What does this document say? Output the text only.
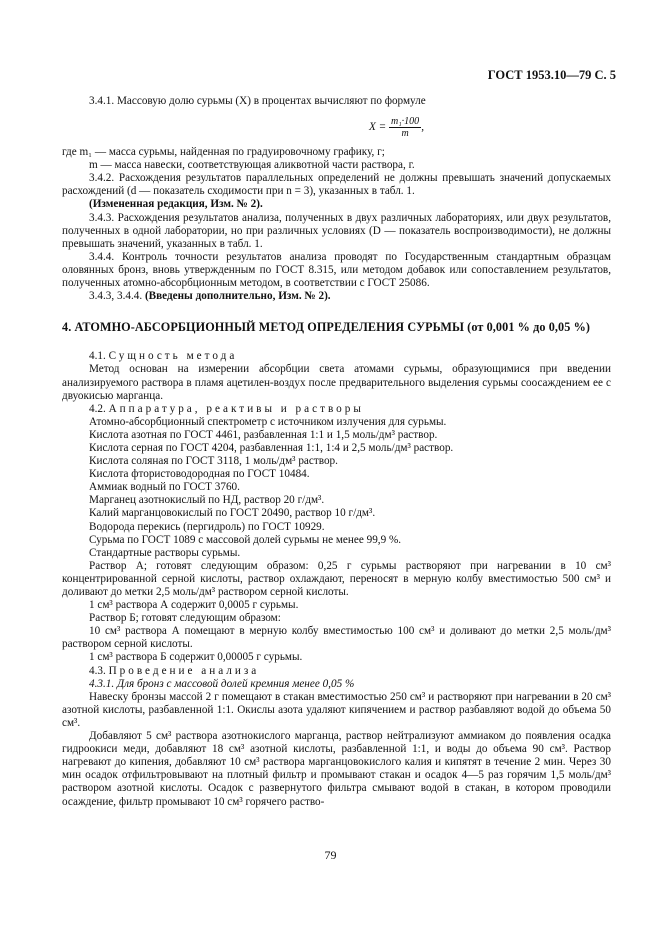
ГОСТ 1953.10—79 С. 5

3.4.1. Массовую долю сурьмы (X) в процентах вычисляют по формуле

$X = \frac{\text{m₁·100}}{m}$ ,

где m₁ — масса сурьмы, найденная по градуировочному графику, г;

m — масса навески, соответствующая аликвотной части раствора, г.

3.4.2. Расхождения результатов параллельных определений не должны превышать значений допускаемых расхождений (d — показатель сходимости при n = 3), указанных в табл. 1.

(Измененная редакция, Изм. № 2).

3.4.3. Расхождения результатов анализа, полученных в двух различных лабораториях, или двух результатов, полученных в одной лаборатории, но при различных условиях (D — показатель воспроизводимости), не должны превышать значений, указанных в табл. 1.

3.4.4. Контроль точности результатов анализа проводят по Государственным стандартным образцам оловянных бронз, вновь утвержденным по ГОСТ 8.315, или методом добавок или сопоставлением результатов, полученных атомно-абсорбционным методом, в соответствии с ГОСТ 25086.

3.4.3, 3.4.4. (Введены дополнительно, Изм. № 2).

4. АТОМНО-АБСОРБЦИОННЫЙ МЕТОД ОПРЕДЕЛЕНИЯ СУРЬМЫ (от 0,001 % до 0,05 %)

4.1. Сущность метода

Метод основан на измерении абсорбции света атомами сурьмы, образующимися при введении анализируемого раствора в пламя ацетилен-воздух после предварительного выделения сурьмы соосаждением ее с двуокисью марганца.

4.2. Аппаратура, реактивы и растворы

Атомно-абсорбционный спектрометр с источником излучения для сурьмы.

Кислота азотная по ГОСТ 4461, разбавленная 1:1 и 1,5 моль/дм³ раствор.

Кислота серная по ГОСТ 4204, разбавленная 1:1, 1:4 и 2,5 моль/дм³ раствор.

Кислота соляная по ГОСТ 3118, 1 моль/дм³ раствор.

Кислота фтористоводородная по ГОСТ 10484.

Аммиак водный по ГОСТ 3760.

Марганец азотнокислый по НД, раствор 20 г/дм³.

Калий марганцовокислый по ГОСТ 20490, раствор 10 г/дм³.

Водорода перекись (пергидроль) по ГОСТ 10929.

Сурьма по ГОСТ 1089 с массовой долей сурьмы не менее 99,9 %.

Стандартные растворы сурьмы.

Раствор А; готовят следующим образом: 0,25 г сурьмы растворяют при нагревании в 10 см³ концентрированной серной кислоты, раствор охлаждают, переносят в мерную колбу вместимостью 500 см³ и доливают до метки 2,5 моль/дм³ раствором серной кислоты.

1 см³ раствора А содержит 0,0005 г сурьмы.

Раствор Б; готовят следующим образом:

10 см³ раствора А помещают в мерную колбу вместимостью 100 см³ и доливают до метки 2,5 моль/дм³ раствором серной кислоты.

1 см³ раствора Б содержит 0,00005 г сурьмы.

4.3. Проведение анализа

4.3.1. Для бронз с массовой долей кремния менее 0,05 %

Навеску бронзы массой 2 г помещают в стакан вместимостью 250 см³ и растворяют при нагревании в 20 см³ азотной кислоты, разбавленной 1:1. Окислы азота удаляют кипячением и раствор разбавляют водой до объема 50 см³.

Добавляют 5 см³ раствора азотнокислого марганца, раствор нейтрализуют аммиаком до появления осадка гидроокиси меди, добавляют 18 см³ азотной кислоты, разбавленной 1:1, и воды до объема 90 см³. Раствор нагревают до кипения, добавляют 10 см³ раствора марганцовокислого калия и кипятят в течение 2 мин. Через 30 мин осадок отфильтровывают на плотный фильтр и промывают стакан и осадок 4—5 раз горячим 1,5 моль/дм³ раствором азотной кислоты. Осадок с развернутого фильтра смывают водой в стакан, в котором проводили осаждение, фильтр промывают 10 см³ горячего раство-

79
